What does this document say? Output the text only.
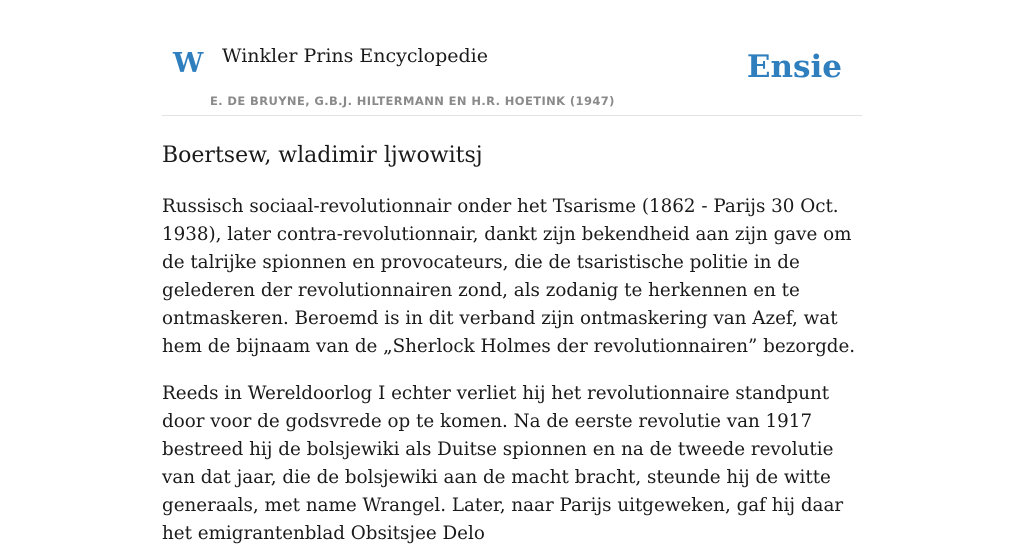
W Winkler Prins Encyclopedie
E. DE BRUYNE, G.B.J. HILTERMANN EN H.R. HOETINK (1947)
Ensie
Boertsew, wladimir ljwowitsj

Russisch sociaal-revolutionnair onder het Tsarisme (1862 - Parijs 30 Oct. 1938), later contra-revolutionnair, dankt zijn bekendheid aan zijn gave om de talrijke spionnen en provocateurs, die de tsaristische politie in de gelederen der revolutionnairen zond, als zodanig te herkennen en te ontmaskeren. Beroemd is in dit verband zijn ontmaskering van Azef, wat hem de bijnaam van de „Sherlock Holmes der revolutionnairen” bezorgde.

Reeds in Wereldoorlog I echter verliet hij het revolutionnaire standpunt door voor de godsvrede op te komen. Na de eerste revolutie van 1917 bestreed hij de bolsjewiki als Duitse spionnen en na de tweede revolutie van dat jaar, die de bolsjewiki aan de macht bracht, steunde hij de witte generaals, met name Wrangel. Later, naar Parijs uitgeweken, gaf hij daar het emigrantenblad Obsitsjee Delo
